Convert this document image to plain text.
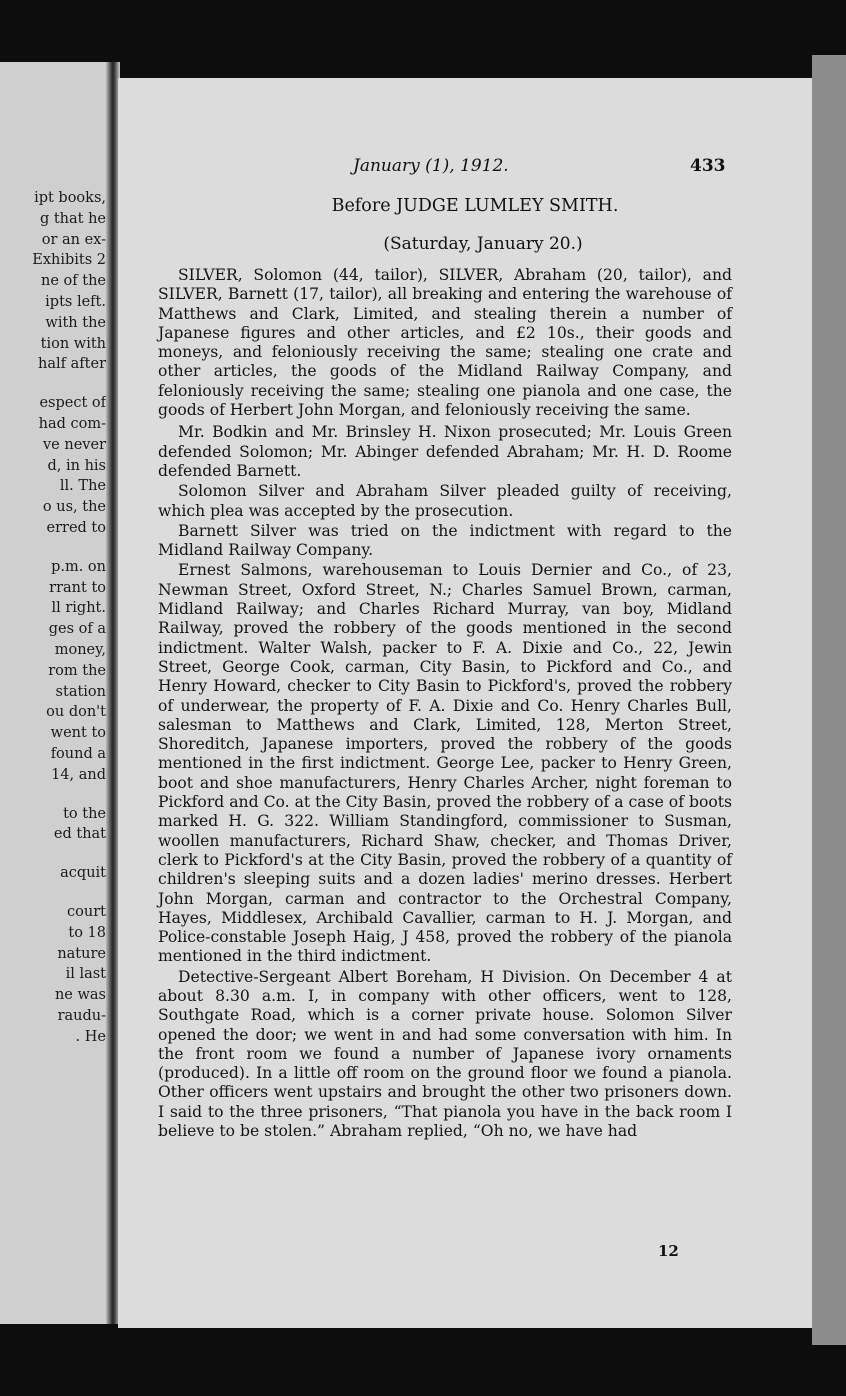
ipt books,
g that he
or an ex-
Exhibits 2
ne of the
ipts left.
with the
tion with
half after
espect of
had com-
ve never
d, in his
ll. The
o us, the
erred to
p.m. on
rrant to
ll right.
ges of a
money,
rom the
station
ou don't
went to
found a
14, and
to the
ed that
acquit
court
to 18
nature
il last
ne was
raudu-
. He
January (1), 1912.	433
Before JUDGE LUMLEY SMITH.
(Saturday, January 20.)

SILVER, Solomon (44, tailor), SILVER, Abraham (20, tailor), and SILVER, Barnett (17, tailor), all breaking and entering the warehouse of Matthews and Clark, Limited, and stealing therein a number of Japanese figures and other articles, and £2 10s., their goods and moneys, and feloniously receiving the same; stealing one crate and other articles, the goods of the Midland Railway Company, and feloniously receiving the same; stealing one pianola and one case, the goods of Herbert John Morgan, and feloniously receiving the same.

Mr. Bodkin and Mr. Brinsley H. Nixon prosecuted; Mr. Louis Green defended Solomon; Mr. Abinger defended Abraham; Mr. H. D. Roome defended Barnett.

Solomon Silver and Abraham Silver pleaded guilty of receiving, which plea was accepted by the prosecution.

Barnett Silver was tried on the indictment with regard to the Midland Railway Company.

Ernest Salmons, warehouseman to Louis Dernier and Co., of 23, Newman Street, Oxford Street, N.; Charles Samuel Brown, carman, Midland Railway; and Charles Richard Murray, van boy, Midland Railway, proved the robbery of the goods mentioned in the second indictment. Walter Walsh, packer to F. A. Dixie and Co., 22, Jewin Street, George Cook, carman, City Basin, to Pickford and Co., and Henry Howard, checker to City Basin to Pickford's, proved the robbery of underwear, the property of F. A. Dixie and Co. Henry Charles Bull, salesman to Matthews and Clark, Limited, 128, Merton Street, Shoreditch, Japanese importers, proved the robbery of the goods mentioned in the first indictment. George Lee, packer to Henry Green, boot and shoe manufacturers, Henry Charles Archer, night foreman to Pickford and Co. at the City Basin, proved the robbery of a case of boots marked H. G. 322. William Standingford, commissioner to Susman, woollen manufacturers, Richard Shaw, checker, and Thomas Driver, clerk to Pickford's at the City Basin, proved the robbery of a quantity of children's sleeping suits and a dozen ladies' merino dresses. Herbert John Morgan, carman and contractor to the Orchestral Company, Hayes, Middlesex, Archibald Cavallier, carman to H. J. Morgan, and Police-constable Joseph Haig, J 458, proved the robbery of the pianola mentioned in the third indictment.

Detective-Sergeant Albert Boreham, H Division. On December 4 at about 8.30 a.m. I, in company with other officers, went to 128, Southgate Road, which is a corner private house. Solomon Silver opened the door; we went in and had some conversation with him. In the front room we found a number of Japanese ivory ornaments (produced). In a little off room on the ground floor we found a pianola. Other officers went upstairs and brought the other two prisoners down. I said to the three prisoners, “That pianola you have in the back room I believe to be stolen.” Abraham replied, “Oh no, we have had

12
